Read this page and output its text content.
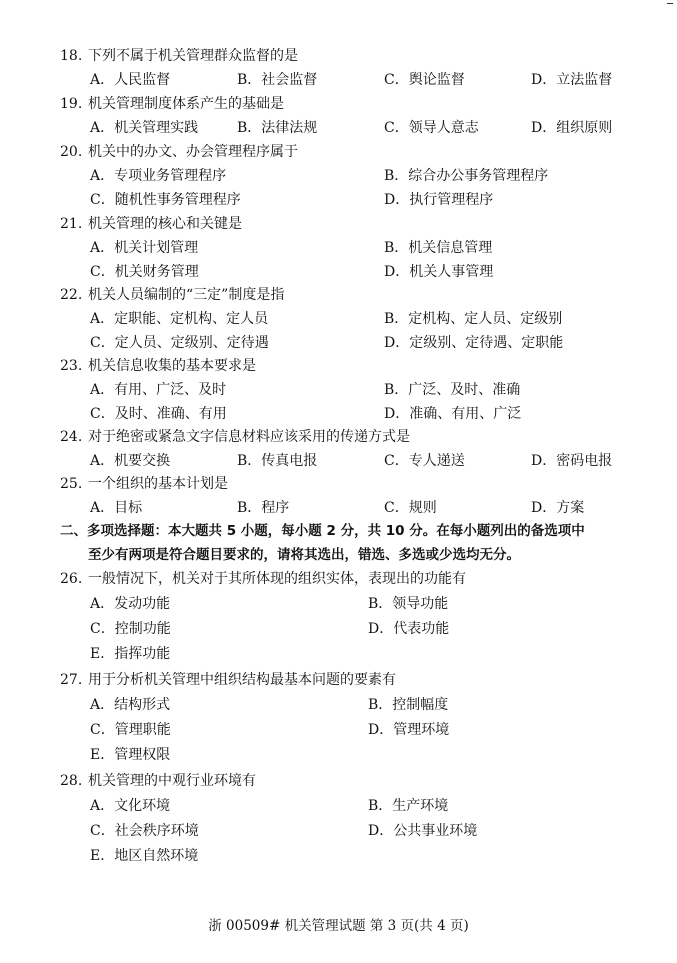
18. 下列不属于机关管理群众监督的是
A．人民监督	B．社会监督	C．舆论监督	D．立法监督
19. 机关管理制度体系产生的基础是
A．机关管理实践	B．法律法规	C．领导人意志	D．组织原则
20. 机关中的办文、办会管理程序属于
A．专项业务管理程序	B．综合办公事务管理程序
C．随机性事务管理程序	D．执行管理程序
21. 机关管理的核心和关键是
A．机关计划管理	B．机关信息管理
C．机关财务管理	D．机关人事管理
22. 机关人员编制的“三定”制度是指
A．定职能、定机构、定人员	B．定机构、定人员、定级别
C．定人员、定级别、定待遇	D．定级别、定待遇、定职能
23. 机关信息收集的基本要求是
A．有用、广泛、及时	B．广泛、及时、准确
C．及时、准确、有用	D．准确、有用、广泛
24. 对于绝密或紧急文字信息材料应该采用的传递方式是
A．机要交换	B．传真电报	C．专人递送	D．密码电报
25. 一个组织的基本计划是
A．目标	B．程序	C．规则	D．方案
二、多项选择题：本大题共 5 小题，每小题 2 分，共 10 分。在每小题列出的备选项中
至少有两项是符合题目要求的，请将其选出，错选、多选或少选均无分。
26. 一般情况下，机关对于其所体现的组织实体，表现出的功能有
A．发动功能	B．领导功能
C．控制功能	D．代表功能
E．指挥功能
27. 用于分析机关管理中组织结构最基本问题的要素有
A．结构形式	B．控制幅度
C．管理职能	D．管理环境
E．管理权限
28. 机关管理的中观行业环境有
A．文化环境	B．生产环境
C．社会秩序环境	D．公共事业环境
E．地区自然环境
浙 00509# 机关管理试题 第 3 页(共 4 页)
